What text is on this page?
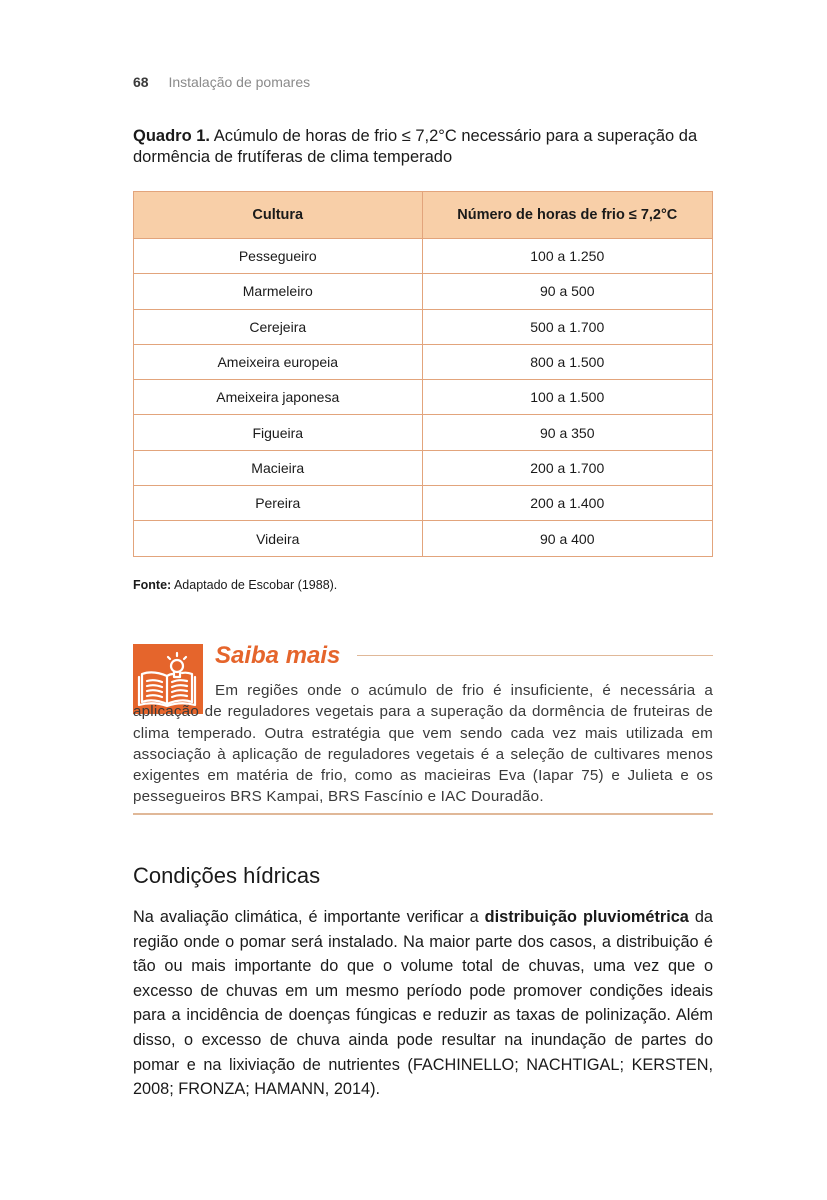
68 Instalação de pomares
Quadro 1. Acúmulo de horas de frio ≤ 7,2°C necessário para a superação da dormência de frutíferas de clima temperado
Cultura	Número de horas de frio ≤ 7,2°C
Pessegueiro	100 a 1.250
Marmeleiro	90 a 500
Cerejeira	500 a 1.700
Ameixeira europeia	800 a 1.500
Ameixeira japonesa	100 a 1.500
Figueira	90 a 350
Macieira	200 a 1.700
Pereira	200 a 1.400
Videira	90 a 400
Fonte: Adaptado de Escobar (1988).
Saiba mais
Em regiões onde o acúmulo de frio é insuficiente, é necessária a aplicação de reguladores vegetais para a superação da dormência de fruteiras de clima temperado. Outra estratégia que vem sendo cada vez mais utilizada em associação à aplicação de reguladores vegetais é a seleção de cultivares menos exigentes em matéria de frio, como as macieiras Eva (Iapar 75) e Julieta e os pessegueiros BRS Kampai, BRS Fascínio e IAC Douradão.
Condições hídricas
Na avaliação climática, é importante verificar a distribuição pluviométrica da região onde o pomar será instalado. Na maior parte dos casos, a distribuição é tão ou mais importante do que o volume total de chuvas, uma vez que o excesso de chuvas em um mesmo período pode promover condições ideais para a incidência de doenças fúngicas e reduzir as taxas de polinização. Além disso, o excesso de chuva ainda pode resultar na inundação de partes do pomar e na lixiviação de nutrientes (FACHINELLO; NACHTIGAL; KERSTEN, 2008; FRONZA; HAMANN, 2014).
